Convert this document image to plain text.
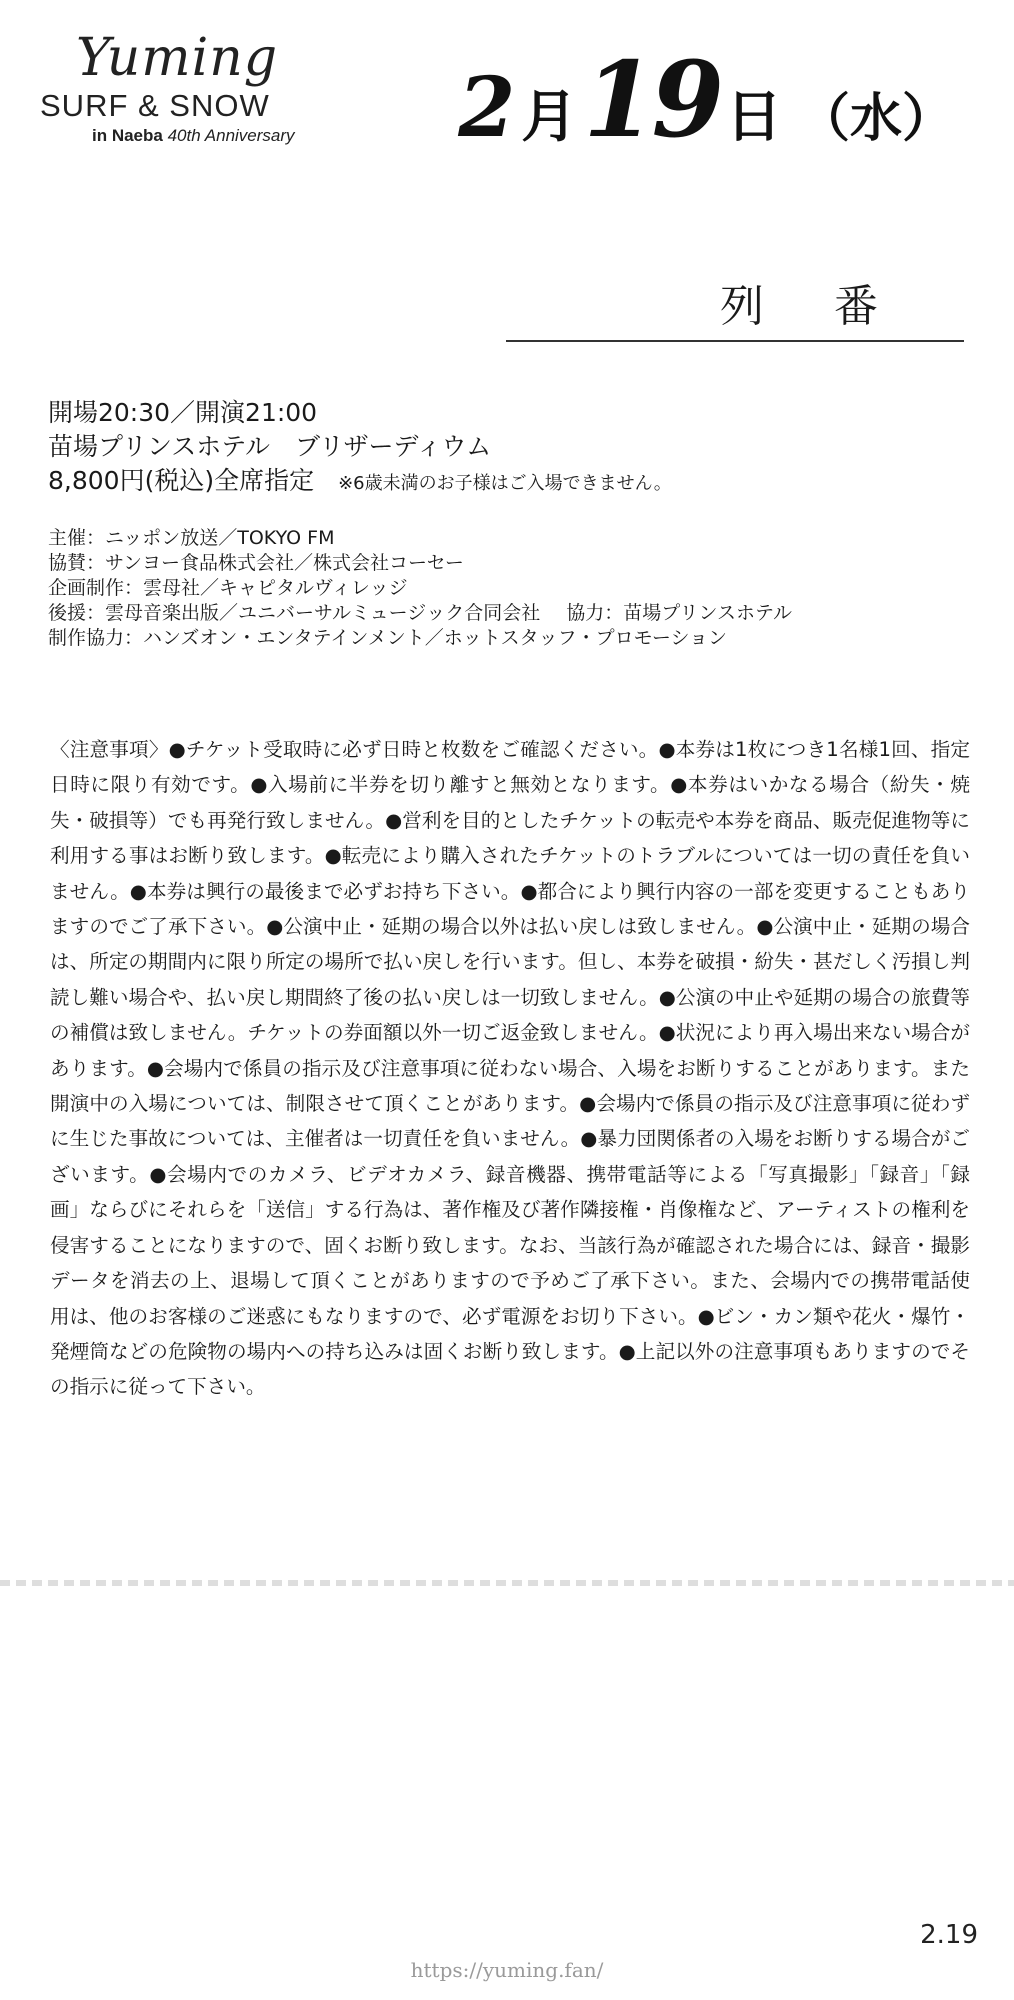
Yuming
SURF & SNOW
in Naeba 40th Anniversary 2 月 19 日 （水）
列番
開場20:30／開演21:00
苗場プリンスホテル　ブリザーディウム
8,800円(税込)全席指定 ※6歳未満のお子様はご入場できません。
主催：ニッポン放送／TOKYO FM
協賛：サンヨー食品株式会社／株式会社コーセー
企画制作：雲母社／キャピタルヴィレッジ
後援：雲母音楽出版／ユニバーサルミュージック合同会社 協力：苗場プリンスホテル
制作協力：ハンズオン・エンタテインメント／ホットスタッフ・プロモーション
〈注意事項〉●チケット受取時に必ず日時と枚数をご確認ください。●本券は1枚につき1名様1回、指定日時に限り有効です。●入場前に半券を切り離すと無効となります。●本券はいかなる場合（紛失・焼失・破損等）でも再発行致しません。●営利を目的としたチケットの転売や本券を商品、販売促進物等に利用する事はお断り致します。●転売により購入されたチケットのトラブルについては一切の責任を負いません。●本券は興行の最後まで必ずお持ち下さい。●都合により興行内容の一部を変更することもありますのでご了承下さい。●公演中止・延期の場合以外は払い戻しは致しません。●公演中止・延期の場合は、所定の期間内に限り所定の場所で払い戻しを行います。但し、本券を破損・紛失・甚だしく汚損し判読し難い場合や、払い戻し期間終了後の払い戻しは一切致しません。●公演の中止や延期の場合の旅費等の補償は致しません。チケットの券面額以外一切ご返金致しません。●状況により再入場出来ない場合があります。●会場内で係員の指示及び注意事項に従わない場合、入場をお断りすることがあります。また開演中の入場については、制限させて頂くことがあります。●会場内で係員の指示及び注意事項に従わずに生じた事故については、主催者は一切責任を負いません。●暴力団関係者の入場をお断りする場合がございます。●会場内でのカメラ、ビデオカメラ、録音機器、携帯電話等による「写真撮影」「録音」「録画」ならびにそれらを「送信」する行為は、著作権及び著作隣接権・肖像権など、アーティストの権利を侵害することになりますので、固くお断り致します。なお、当該行為が確認された場合には、録音・撮影データを消去の上、退場して頂くことがありますので予めご了承下さい。また、会場内での携帯電話使用は、他のお客様のご迷惑にもなりますので、必ず電源をお切り下さい。●ビン・カン類や花火・爆竹・発煙筒などの危険物の場内への持ち込みは固くお断り致します。●上記以外の注意事項もありますのでその指示に従って下さい。
2.19
https://yuming.fan/
